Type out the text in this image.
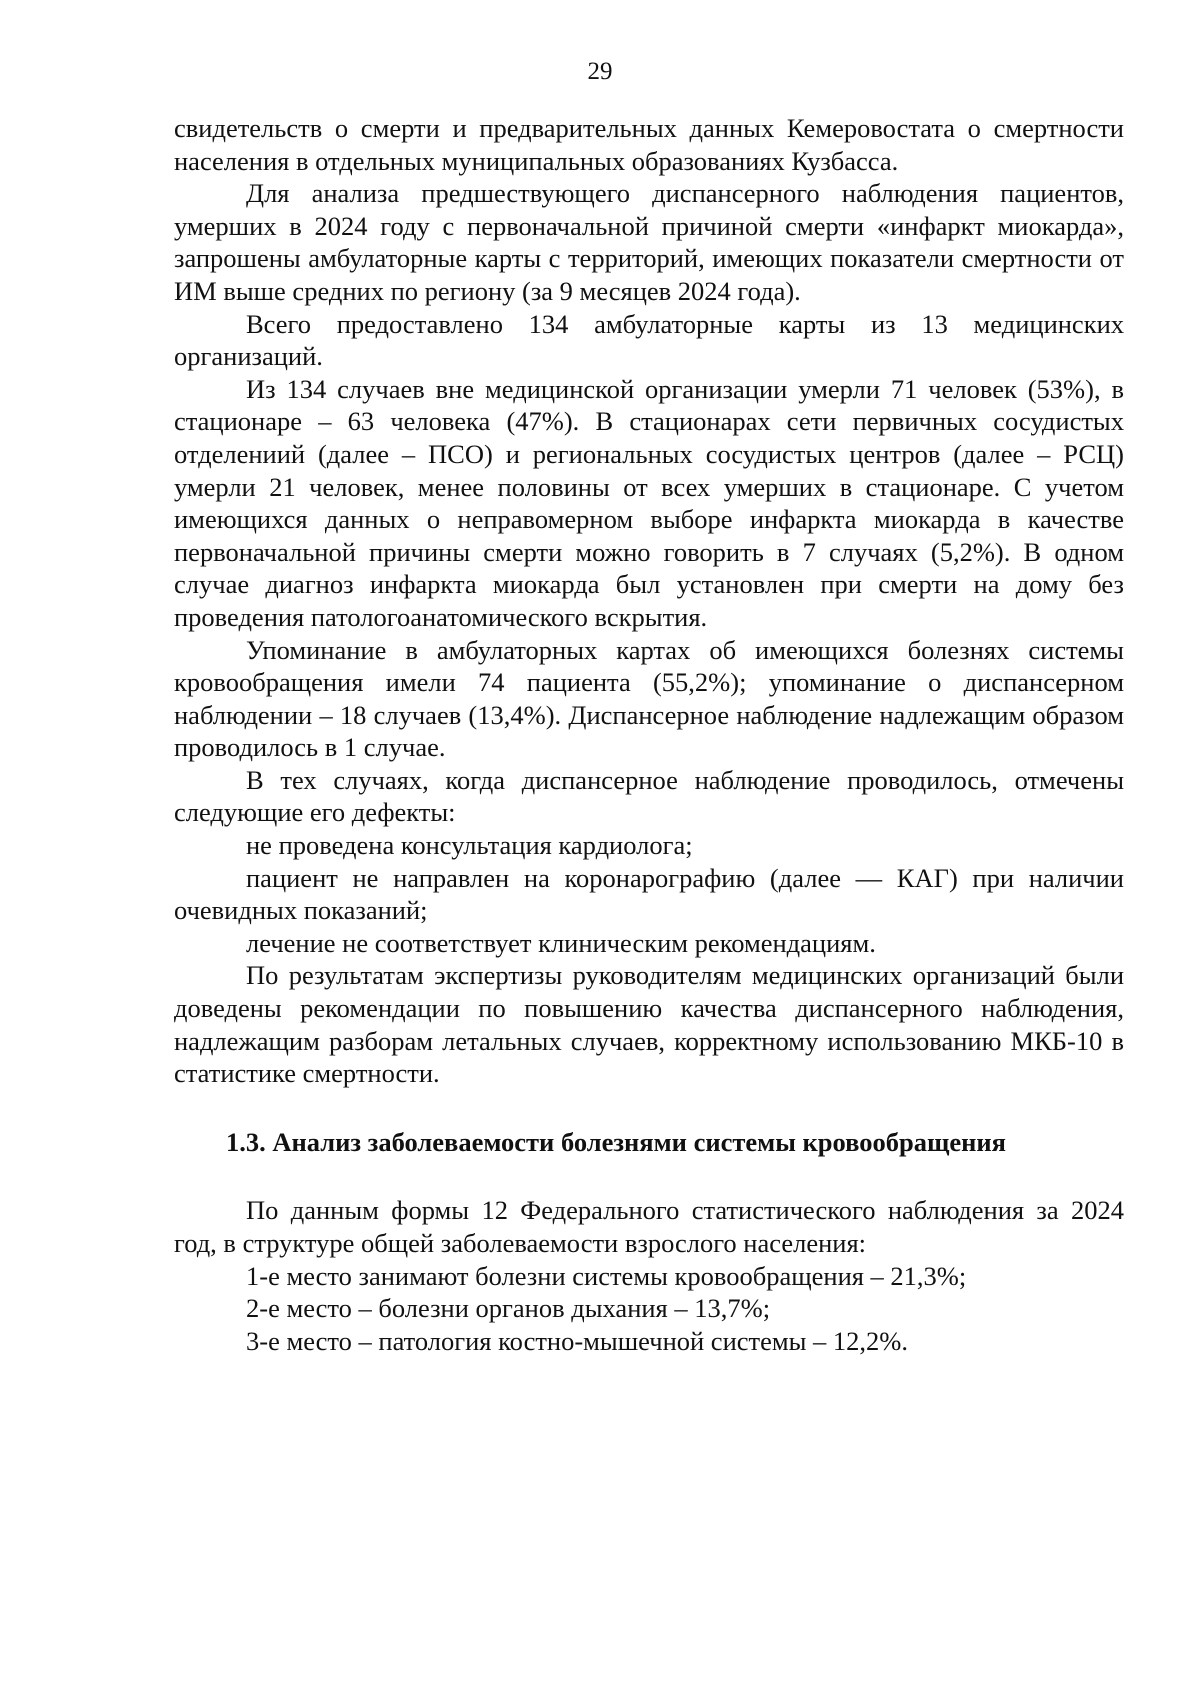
29

свидетельств о смерти и предварительных данных Кемеровостата о смертности населения в отдельных муниципальных образованиях Кузбасса.

Для анализа предшествующего диспансерного наблюдения пациентов, умерших в 2024 году с первоначальной причиной смерти «инфаркт миокарда», запрошены амбулаторные карты с территорий, имеющих показатели смертности от ИМ выше средних по региону (за 9 месяцев 2024 года).

Всего предоставлено 134 амбулаторные карты из 13 медицинских организаций.

Из 134 случаев вне медицинской организации умерли 71 человек (53%), в стационаре – 63 человека (47%). В стационарах сети первичных сосудистых отделениий (далее – ПСО) и региональных сосудистых центров (далее – РСЦ) умерли 21 человек, менее половины от всех умерших в стационаре. С учетом имеющихся данных о неправомерном выборе инфаркта миокарда в качестве первоначальной причины смерти можно говорить в 7 случаях (5,2%). В одном случае диагноз инфаркта миокарда был установлен при смерти на дому без проведения патологоанатомического вскрытия.

Упоминание в амбулаторных картах об имеющихся болезнях системы кровообращения имели 74 пациента (55,2%); упоминание о диспансерном наблюдении – 18 случаев (13,4%). Диспансерное наблюдение надлежащим образом проводилось в 1 случае.

В тех случаях, когда диспансерное наблюдение проводилось, отмечены следующие его дефекты:

не проведена консультация кардиолога;

пациент не направлен на коронарографию (далее — КАГ) при наличии очевидных показаний;

лечение не соответствует клиническим рекомендациям.

По результатам экспертизы руководителям медицинских организаций были доведены рекомендации по повышению качества диспансерного наблюдения, надлежащим разборам летальных случаев, корректному использованию МКБ-10 в статистике смертности.

1.3. Анализ заболеваемости болезнями системы кровообращения

По данным формы 12 Федерального статистического наблюдения за 2024 год, в структуре общей заболеваемости взрослого населения:

1-е место занимают болезни системы кровообращения – 21,3%;

2-е место – болезни органов дыхания – 13,7%;

3-е место – патология костно-мышечной системы – 12,2%.
